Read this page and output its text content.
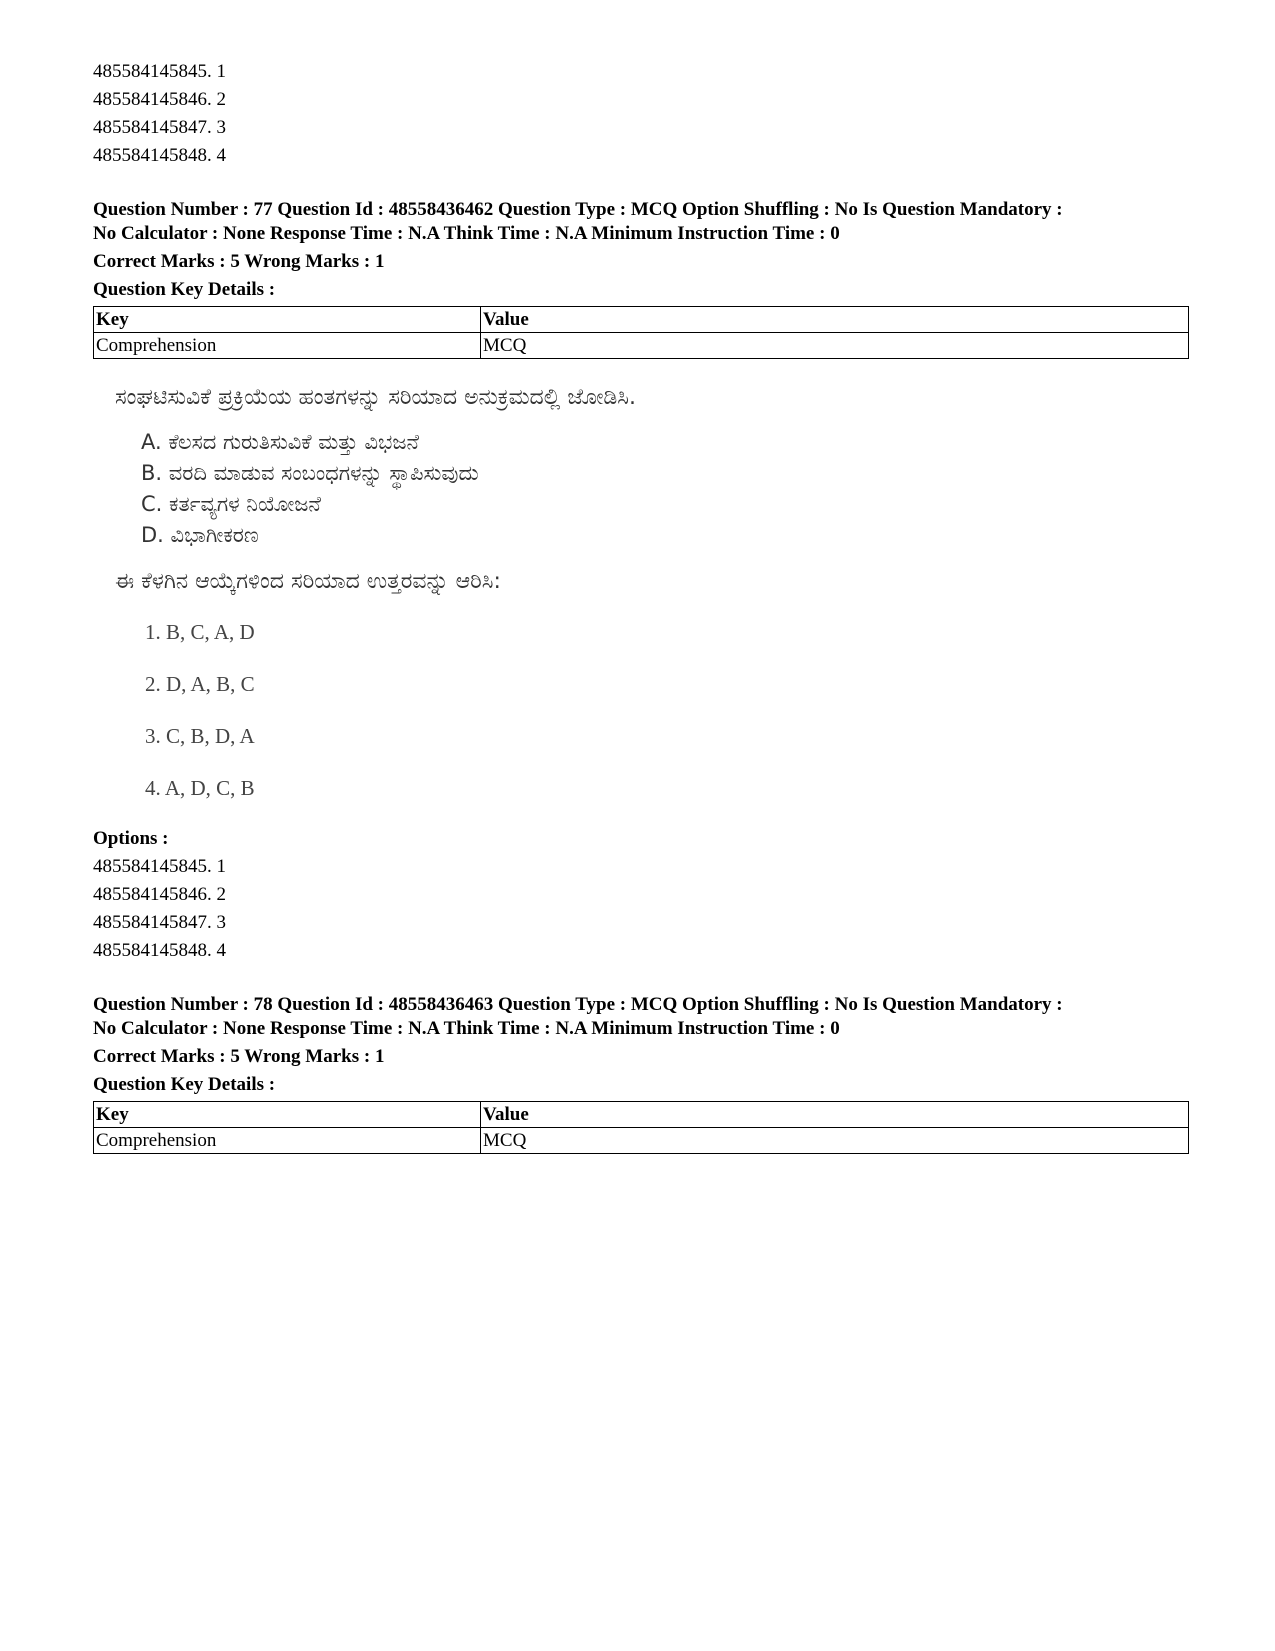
485584145845. 1
485584145846. 2
485584145847. 3
485584145848. 4
Question Number : 77 Question Id : 48558436462 Question Type : MCQ Option Shuffling : No Is Question Mandatory :
No Calculator : None Response Time : N.A Think Time : N.A Minimum Instruction Time : 0
Correct Marks : 5 Wrong Marks : 1
Question Key Details :
Key	Value
Comprehension	MCQ
ಸಂಘಟಿಸುವಿಕೆ ಪ್ರಕ್ರಿಯೆಯ ಹಂತಗಳನ್ನು ಸರಿಯಾದ ಅನುಕ್ರಮದಲ್ಲಿ ಜೋಡಿಸಿ.
A. ಕೆಲಸದ ಗುರುತಿಸುವಿಕೆ ಮತ್ತು ವಿಭಜನೆ
B. ವರದಿ ಮಾಡುವ ಸಂಬಂಧಗಳನ್ನು ಸ್ಥಾಪಿಸುವುದು
C. ಕರ್ತವ್ಯಗಳ ನಿಯೋಜನೆ
D. ವಿಭಾಗೀಕರಣ
ಈ ಕೆಳಗಿನ ಆಯ್ಕೆಗಳಿಂದ ಸರಿಯಾದ ಉತ್ತರವನ್ನು ಆರಿಸಿ:
1. B, C, A, D
2. D, A, B, C
3. C, B, D, A
4. A, D, C, B
Options :
485584145845. 1
485584145846. 2
485584145847. 3
485584145848. 4
Question Number : 78 Question Id : 48558436463 Question Type : MCQ Option Shuffling : No Is Question Mandatory :
No Calculator : None Response Time : N.A Think Time : N.A Minimum Instruction Time : 0
Correct Marks : 5 Wrong Marks : 1
Question Key Details :
Key	Value
Comprehension	MCQ
